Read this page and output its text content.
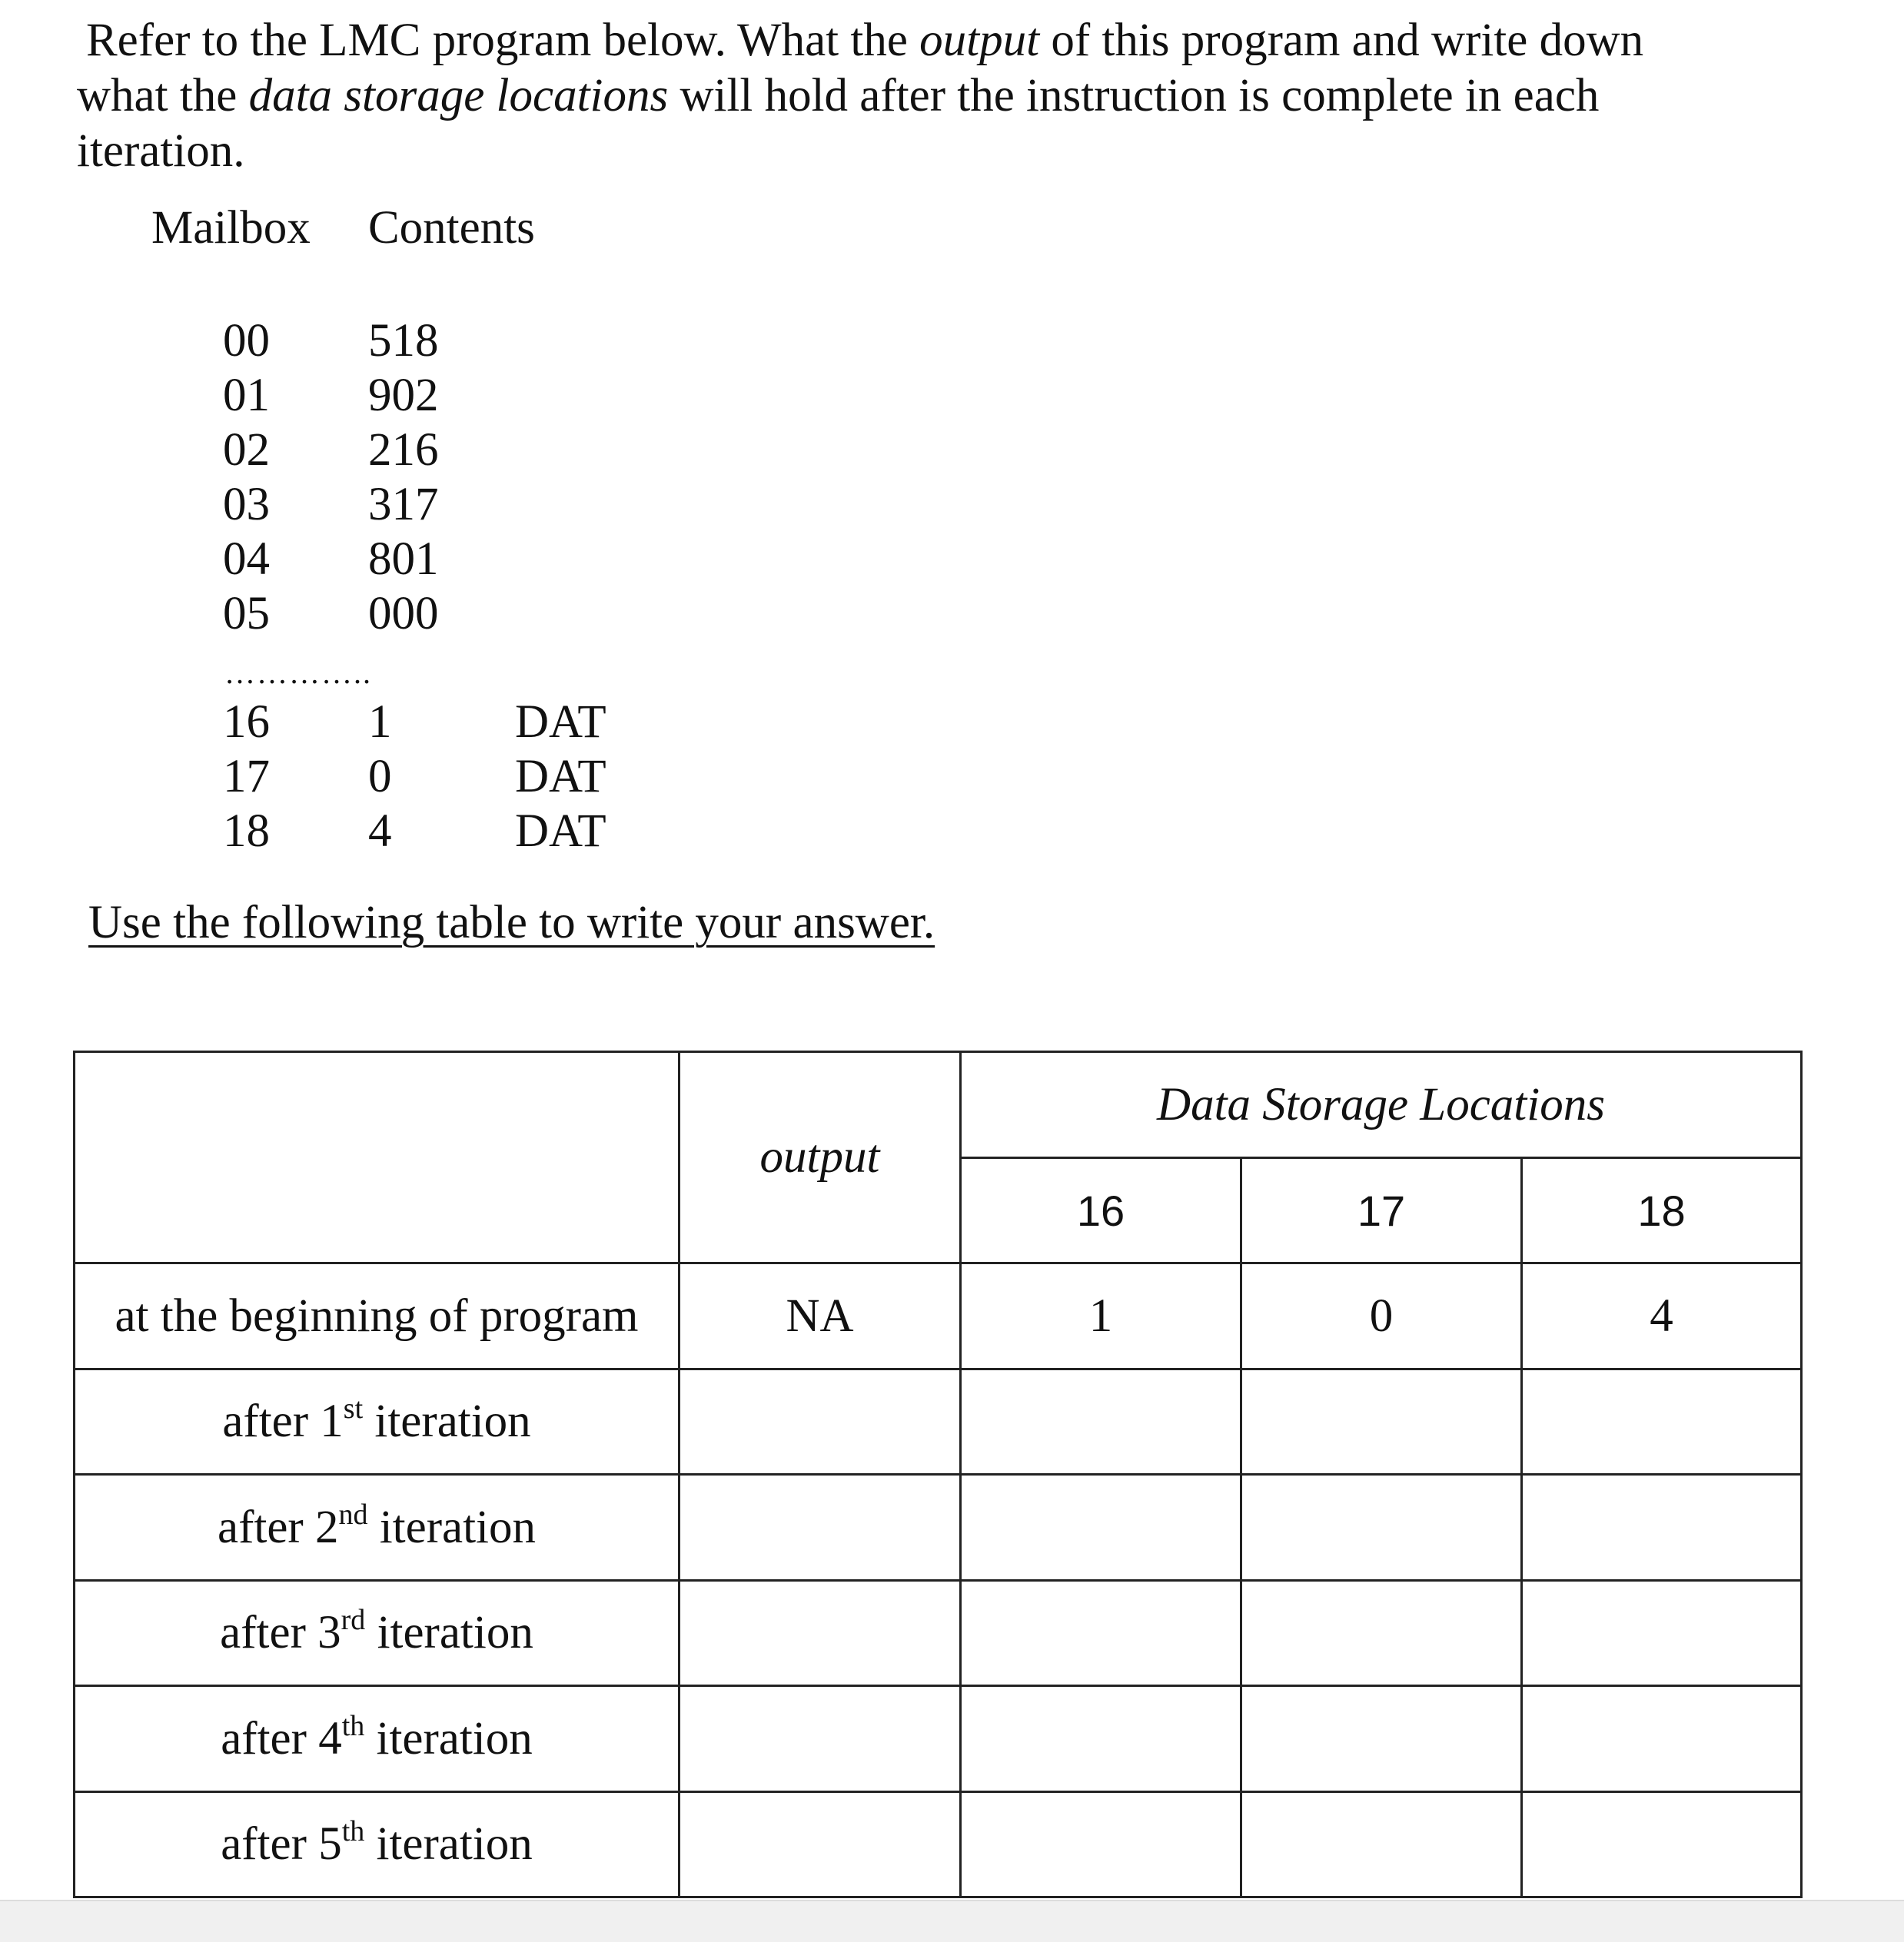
Refer to the LMC program below. What the output of this program and write down
what the data storage locations will hold after the instruction is complete in each
iteration.
Mailbox Contents
00 518
01 902
02 216
03 317
04 801
05 000
…………..
16 1	DAT
17 0	DAT
18 4	DAT
Use the following table to write your answer.
	output	Data Storage Locations		
		16	17	18
at the beginning of program	NA	1	0	4
after 1st iteration				
after 2nd iteration				
after 3rd iteration				
after 4th iteration				
after 5th iteration				
